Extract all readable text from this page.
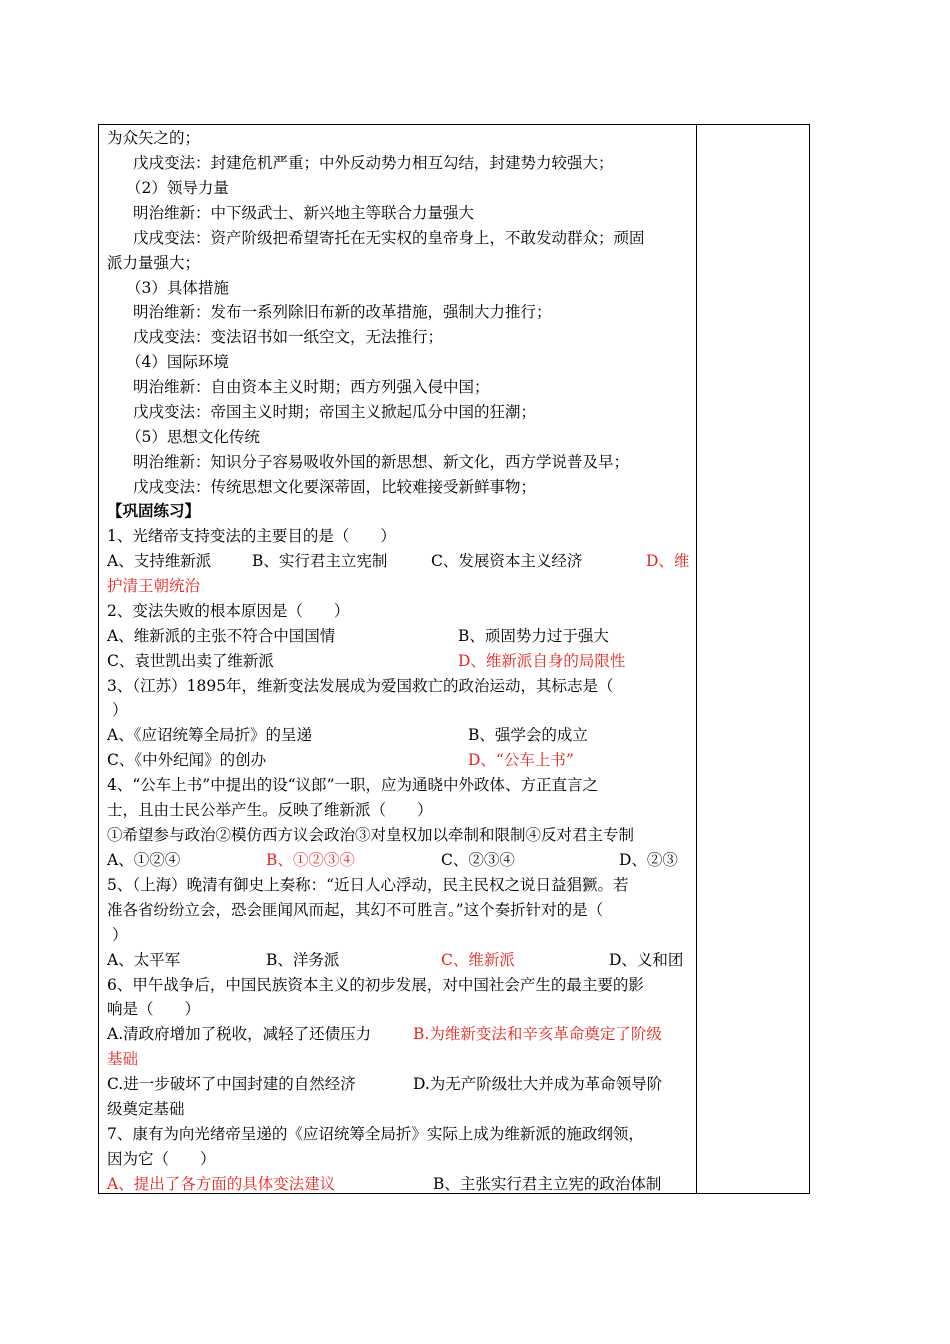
为众矢之的；
戊戌变法：封建危机严重；中外反动势力相互勾结，封建势力较强大；
（2）领导力量
明治维新：中下级武士、新兴地主等联合力量强大
戊戌变法：资产阶级把希望寄托在无实权的皇帝身上，不敢发动群众；顽固
派力量强大；
（3）具体措施
明治维新：发布一系列除旧布新的改革措施，强制大力推行；
戊戌变法：变法诏书如一纸空文，无法推行；
（4）国际环境
明治维新：自由资本主义时期；西方列强入侵中国；
戊戌变法：帝国主义时期；帝国主义掀起瓜分中国的狂潮；
（5）思想文化传统
明治维新：知识分子容易吸收外国的新思想、新文化，西方学说普及早；
戊戌变法：传统思想文化要深蒂固，比较难接受新鲜事物；
【巩固练习】
1、光绪帝支持变法的主要目的是（　　）
A、支持维新派	B、实行君主立宪制	C、发展资本主义经济	D、维
护清王朝统治
2、变法失败的根本原因是（　　）
A、维新派的主张不符合中国国情	B、顽固势力过于强大
C、袁世凯出卖了维新派	D、维新派自身的局限性
3、（江苏）1895年，维新变法发展成为爱国救亡的政治运动，其标志是（
）
A、《应诏统筹全局折》的呈递	B、强学会的成立
C、《中外纪闻》的创办	D、“公车上书”
4、“公车上书”中提出的设“议郎”一职，应为通晓中外政体、方正直言之
士，且由士民公举产生。反映了维新派（　　）
①希望参与政治②模仿西方议会政治③对皇权加以牵制和限制④反对君主专制
A、①②④	B、①②③④	C、②③④	D、②③
5、（上海）晚清有御史上奏称：“近日人心浮动，民主民权之说日益猖獗。若
准各省纷纷立会，恐会匪闻风而起，其幻不可胜言。”这个奏折针对的是（
）
A、太平军	B、洋务派	C、维新派	D、义和团
6、甲午战争后，中国民族资本主义的初步发展，对中国社会产生的最主要的影
响是（　　）
A.清政府增加了税收，减轻了还债压力	B.为维新变法和辛亥革命奠定了阶级
基础
C.进一步破坏了中国封建的自然经济	D.为无产阶级壮大并成为革命领导阶
级奠定基础
7、康有为向光绪帝呈递的《应诏统筹全局折》实际上成为维新派的施政纲领，
因为它（　　）
A、提出了各方面的具体变法建议	B、主张实行君主立宪的政治体制
